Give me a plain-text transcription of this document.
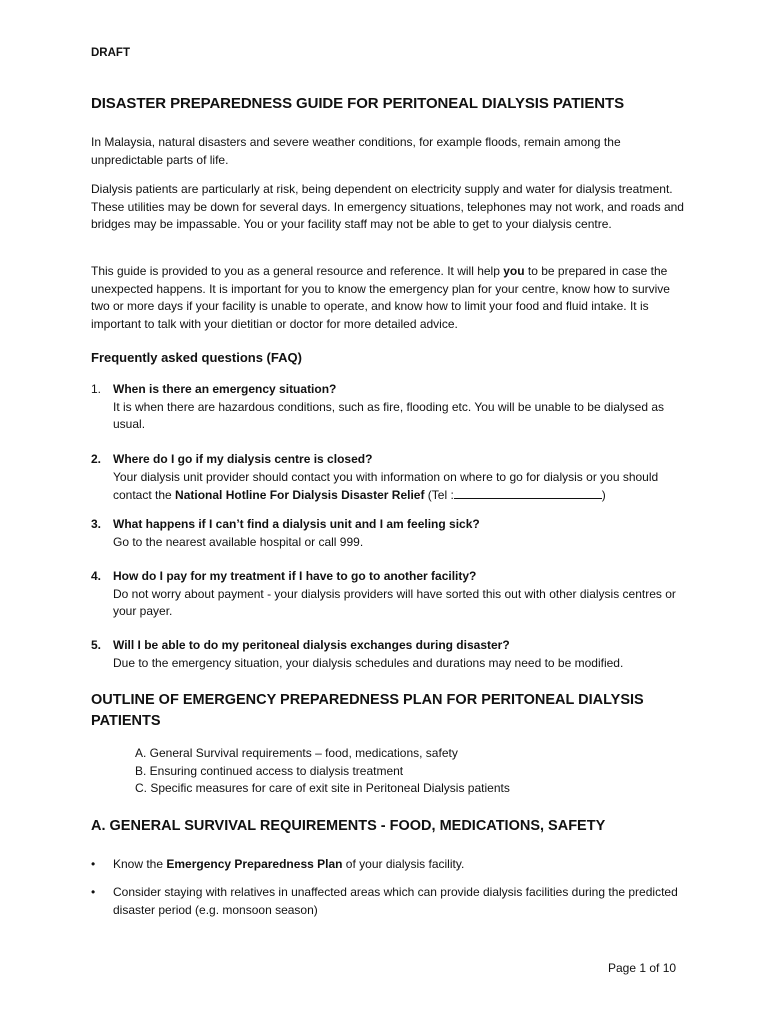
DRAFT
DISASTER PREPAREDNESS GUIDE FOR PERITONEAL DIALYSIS PATIENTS

In Malaysia, natural disasters and severe weather conditions, for example floods, remain among the unpredictable parts of life.

Dialysis patients are particularly at risk, being dependent on electricity supply and water for dialysis treatment. These utilities may be down for several days. In emergency situations, telephones may not work, and roads and bridges may be impassable. You or your facility staff may not be able to get to your dialysis centre.

This guide is provided to you as a general resource and reference. It will help you to be prepared in case the unexpected happens. It is important for you to know the emergency plan for your centre, know how to survive two or more days if your facility is unable to operate, and know how to limit your food and fluid intake. It is important to talk with your dietitian or doctor for more detailed advice.

Frequently asked questions (FAQ)
1. When is there an emergency situation?
It is when there are hazardous conditions, such as fire, flooding etc. You will be unable to be dialysed as usual.
2. Where do I go if my dialysis centre is closed?
Your dialysis unit provider should contact you with information on where to go for dialysis or you should contact the National Hotline For Dialysis Disaster Relief (Tel :	)
3. What happens if I can’t find a dialysis unit and I am feeling sick?
Go to the nearest available hospital or call 999.
4. How do I pay for my treatment if I have to go to another facility?
Do not worry about payment - your dialysis providers will have sorted this out with other dialysis centres or your payer.
5. Will I be able to do my peritoneal dialysis exchanges during disaster?
Due to the emergency situation, your dialysis schedules and durations may need to be modified.

OUTLINE OF EMERGENCY PREPAREDNESS PLAN FOR PERITONEAL DIALYSIS PATIENTS

A. General Survival requirements – food, medications, safety
B. Ensuring continued access to dialysis treatment
C. Specific measures for care of exit site in Peritoneal Dialysis patients

A. GENERAL SURVIVAL REQUIREMENTS - FOOD, MEDICATIONS, SAFETY

• Know the Emergency Preparedness Plan of your dialysis facility.
• Consider staying with relatives in unaffected areas which can provide dialysis facilities during the predicted disaster period (e.g. monsoon season)
Page 1 of 10
